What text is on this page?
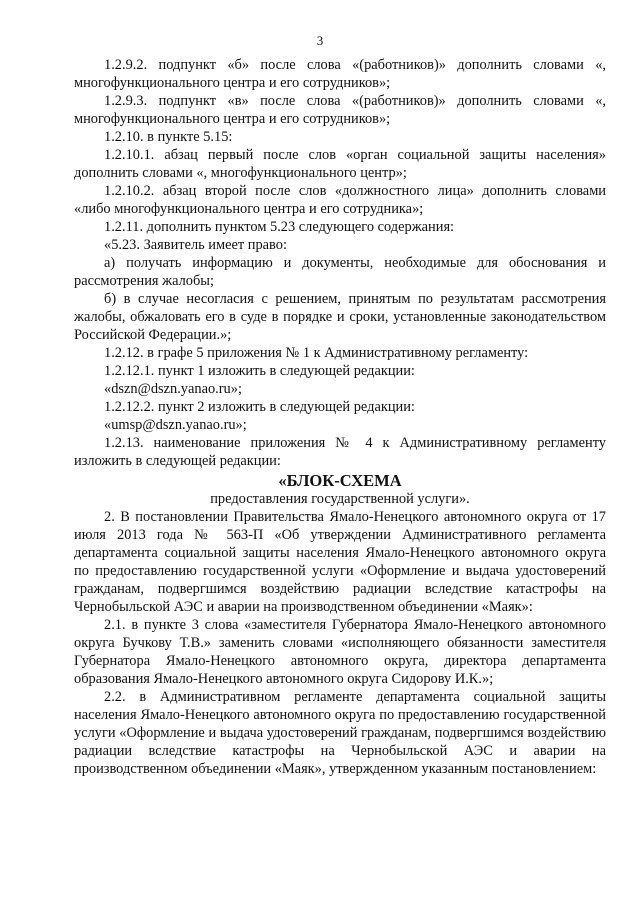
3

1.2.9.2. подпункт «б» после слова «(работников)» дополнить словами «, многофункционального центра и его сотрудников»;

1.2.9.3. подпункт «в» после слова «(работников)» дополнить словами «, многофункционального центра и его сотрудников»;

1.2.10. в пункте 5.15:

1.2.10.1. абзац первый после слов «орган социальной защиты населения» дополнить словами «, многофункционального центр»;

1.2.10.2. абзац второй после слов «должностного лица» дополнить словами «либо многофункционального центра и его сотрудника»;

1.2.11. дополнить пунктом 5.23 следующего содержания:

«5.23. Заявитель имеет право:

а) получать информацию и документы, необходимые для обоснования и рассмотрения жалобы;

б) в случае несогласия с решением, принятым по результатам рассмотрения жалобы, обжаловать его в суде в порядке и сроки, установленные законодательством Российской Федерации.»;

1.2.12. в графе 5 приложения № 1 к Административному регламенту:

1.2.12.1. пункт 1 изложить в следующей редакции:

«dszn@dszn.yanao.ru»;

1.2.12.2. пункт 2 изложить в следующей редакции:

«umsp@dszn.yanao.ru»;

1.2.13. наименование приложения № 4 к Административному регламенту изложить в следующей редакции:

«БЛОК-СХЕМА

предоставления государственной услуги».

2. В постановлении Правительства Ямало-Ненецкого автономного округа от 17 июля 2013 года № 563-П «Об утверждении Административного регламента департамента социальной защиты населения Ямало-Ненецкого автономного округа по предоставлению государственной услуги «Оформление и выдача удостоверений гражданам, подвергшимся воздействию радиации вследствие катастрофы на Чернобыльской АЭС и аварии на производственном объединении «Маяк»:

2.1. в пункте 3 слова «заместителя Губернатора Ямало-Ненецкого автономного округа Бучкову Т.В.» заменить словами «исполняющего обязанности заместителя Губернатора Ямало-Ненецкого автономного округа, директора департамента образования Ямало-Ненецкого автономного округа Сидорову И.К.»;

2.2. в Административном регламенте департамента социальной защиты населения Ямало-Ненецкого автономного округа по предоставлению государственной услуги «Оформление и выдача удостоверений гражданам, подвергшимся воздействию радиации вследствие катастрофы на Чернобыльской АЭС и аварии на производственном объединении «Маяк», утвержденном указанным постановлением:
